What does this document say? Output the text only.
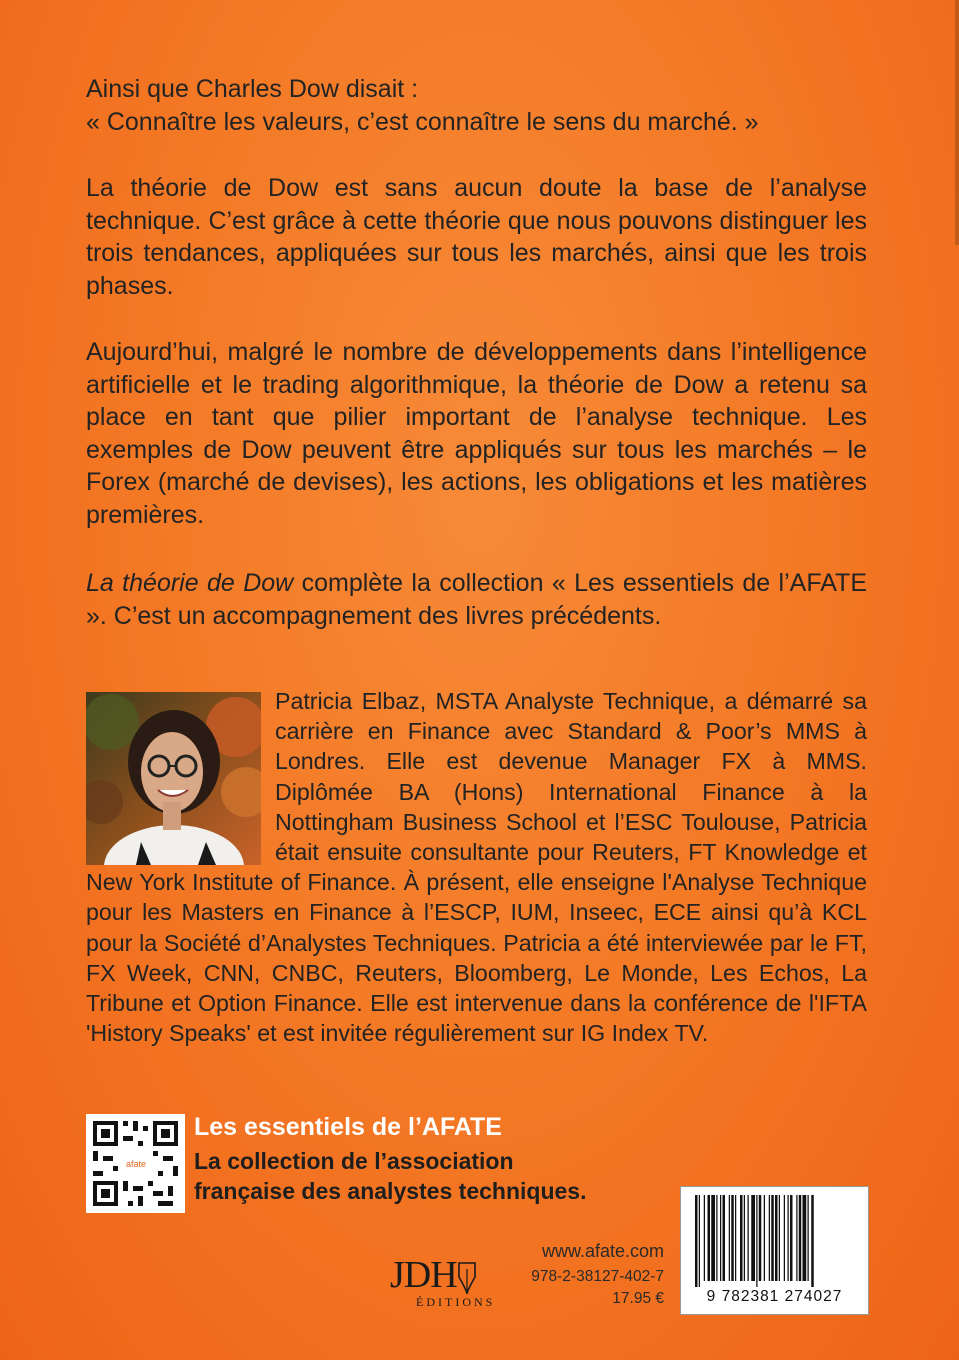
Ainsi que Charles Dow disait :
« Connaître les valeurs, c’est connaître le sens du marché. »

La théorie de Dow est sans aucun doute la base de l’analyse technique. C’est grâce à cette théorie que nous pouvons distinguer les trois tendances, appliquées sur tous les marchés, ainsi que les trois phases.

Aujourd’hui, malgré le nombre de développements dans l’intelligence artificielle et le trading algorithmique, la théorie de Dow a retenu sa place en tant que pilier important de l’analyse technique. Les exemples de Dow peuvent être appliqués sur tous les marchés – le Forex (marché de devises), les actions, les obligations et les matières premières.

La théorie de Dow complète la collection « Les essentiels de l’AFATE ». C’est un accompagnement des livres précédents.

Patricia Elbaz, MSTA Analyste Technique, a démarré sa carrière en Finance avec Standard & Poor’s MMS à Londres. Elle est devenue Manager FX à MMS. Diplômée BA (Hons) International Finance à la Nottingham Business School et l’ESC Toulouse, Patricia était ensuite consultante pour Reuters, FT Knowledge et New York Institute of Finance. À présent, elle enseigne l'Analyse Technique pour les Masters en Finance à l’ESCP, IUM, Inseec, ECE ainsi qu’à KCL pour la Société d’Analystes Techniques. Patricia a été interviewée par le FT, FX Week, CNN, CNBC, Reuters, Bloomberg, Le Monde, Les Echos, La Tribune et Option Finance. Elle est intervenue dans la conférence de l'IFTA 'History Speaks' et est invitée régulièrement sur IG Index TV.

afate

Les essentiels de l’AFATE

La collection de l’association
française des analystes techniques.

JDH
ÉDITIONS

www.afate.com

978-2-38127-402-7

17.95 €	9 782381 274027
